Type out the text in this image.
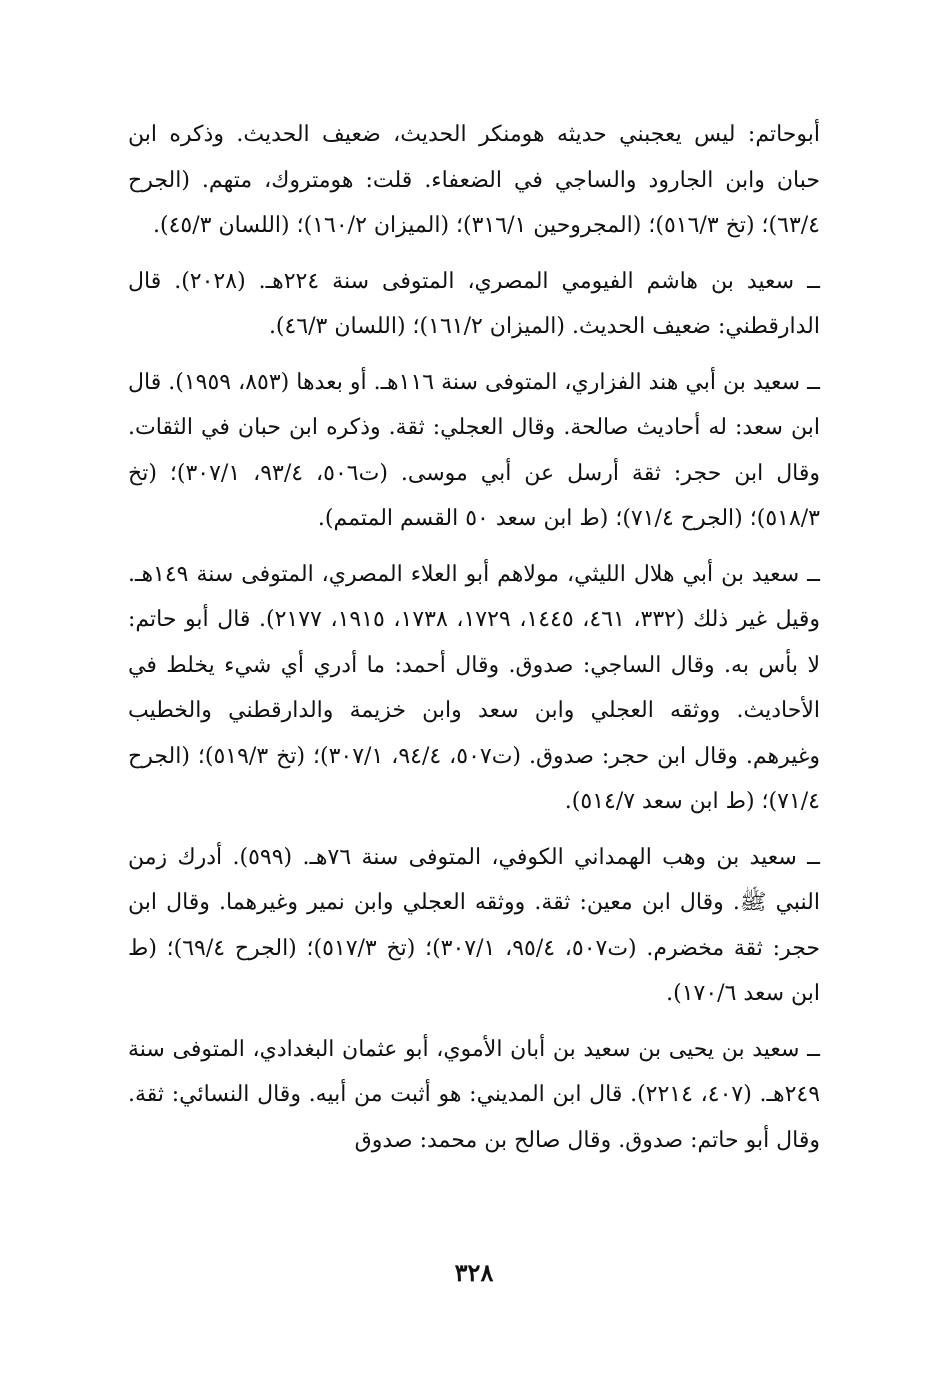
أبوحاتم: ليس يعجبني حديثه هومنكر الحديث، ضعيف الحديث. وذكره ابن حبان وابن الجارود والساجي في الضعفاء. قلت: هومتروك، متهم. (الجرح ٦٣/٤)؛ (تخ ٥١٦/٣)؛ (المجروحين ٣١٦/١)؛ (الميزان ١٦٠/٢)؛ (اللسان ٤٥/٣).

ــ سعيد بن هاشم الفيومي المصري، المتوفى سنة ٢٢٤هـ. (٢٠٢٨). قال الدارقطني: ضعيف الحديث. (الميزان ١٦١/٢)؛ (اللسان ٤٦/٣).

ــ سعيد بن أبي هند الفزاري، المتوفى سنة ١١٦هـ. أو بعدها (٨٥٣، ١٩٥٩). قال ابن سعد: له أحاديث صالحة. وقال العجلي: ثقة. وذكره ابن حبان في الثقات. وقال ابن حجر: ثقة أرسل عن أبي موسى. (ت٥٠٦، ٩٣/٤، ٣٠٧/١)؛ (تخ ٥١٨/٣)؛ (الجرح ٧١/٤)؛ (ط ابن سعد ٥٠ القسم المتمم).

ــ سعيد بن أبي هلال الليثي، مولاهم أبو العلاء المصري، المتوفى سنة ١٤٩هـ. وقيل غير ذلك (٣٣٢، ٤٦١، ١٤٤٥، ١٧٢٩، ١٧٣٨، ١٩١٥، ٢١٧٧). قال أبو حاتم: لا بأس به. وقال الساجي: صدوق. وقال أحمد: ما أدري أي شيء يخلط في الأحاديث. ووثقه العجلي وابن سعد وابن خزيمة والدارقطني والخطيب وغيرهم. وقال ابن حجر: صدوق. (ت٥٠٧، ٩٤/٤، ٣٠٧/١)؛ (تخ ٥١٩/٣)؛ (الجرح ٧١/٤)؛ (ط ابن سعد ٥١٤/٧).

ــ سعيد بن وهب الهمداني الكوفي، المتوفى سنة ٧٦هـ. (٥٩٩). أدرك زمن النبي ﷺ. وقال ابن معين: ثقة. ووثقه العجلي وابن نمير وغيرهما. وقال ابن حجر: ثقة مخضرم. (ت٥٠٧، ٩٥/٤، ٣٠٧/١)؛ (تخ ٥١٧/٣)؛ (الجرح ٦٩/٤)؛ (ط ابن سعد ١٧٠/٦).

ــ سعيد بن يحيى بن سعيد بن أبان الأموي، أبو عثمان البغدادي، المتوفى سنة ٢٤٩هـ. (٤٠٧، ٢٢١٤). قال ابن المديني: هو أثبت من أبيه. وقال النسائي: ثقة. وقال أبو حاتم: صدوق. وقال صالح بن محمد: صدوق

٣٢٨
